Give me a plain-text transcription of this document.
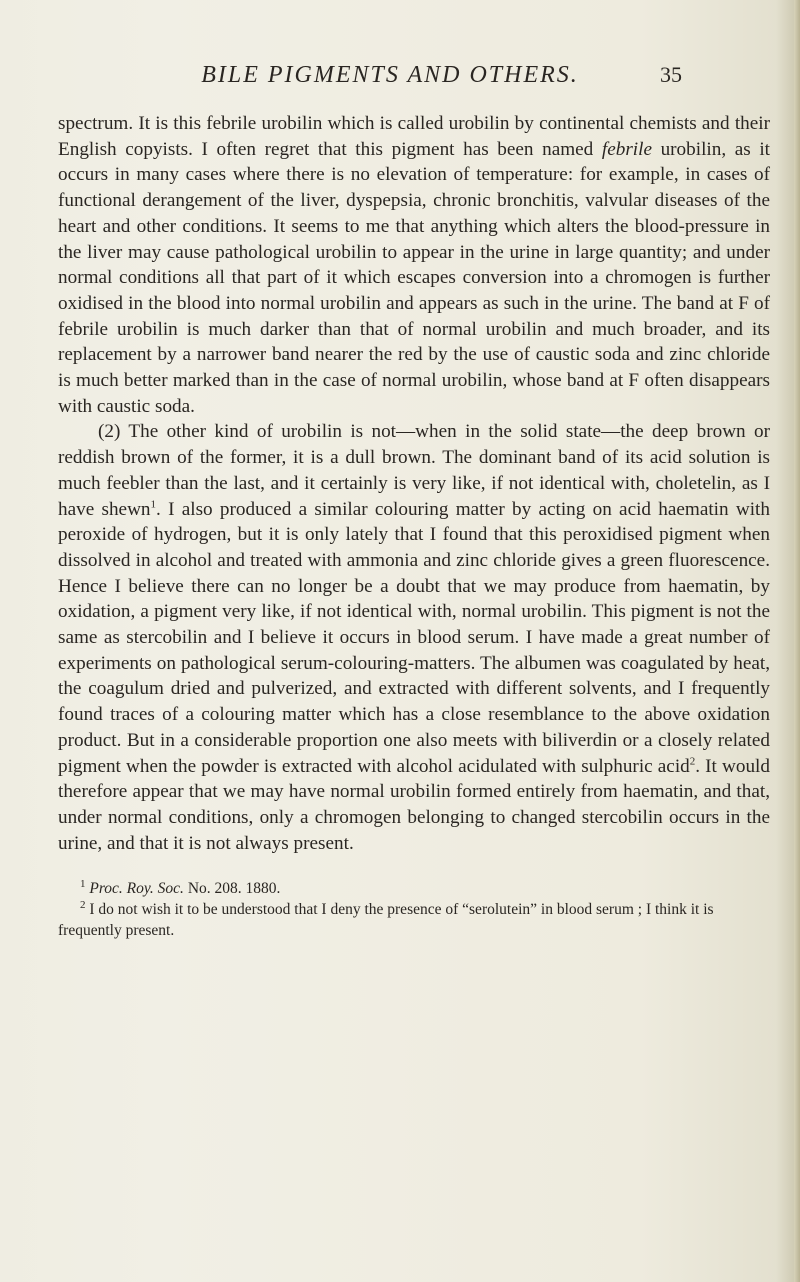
BILE PIGMENTS AND OTHERS.	35

spectrum. It is this febrile urobilin which is called urobilin by continental chemists and their English copyists. I often regret that this pigment has been named febrile urobilin, as it occurs in many cases where there is no elevation of temperature: for example, in cases of functional derangement of the liver, dyspepsia, chronic bronchitis, valvular diseases of the heart and other conditions. It seems to me that anything which alters the blood-pressure in the liver may cause pathological urobilin to appear in the urine in large quantity; and under normal conditions all that part of it which escapes conversion into a chromogen is further oxidised in the blood into normal urobilin and appears as such in the urine. The band at F of febrile urobilin is much darker than that of normal urobilin and much broader, and its replacement by a narrower band nearer the red by the use of caustic soda and zinc chloride is much better marked than in the case of normal urobilin, whose band at F often disappears with caustic soda.

(2) The other kind of urobilin is not—when in the solid state—the deep brown or reddish brown of the former, it is a dull brown. The dominant band of its acid solution is much feebler than the last, and it certainly is very like, if not identical with, choletelin, as I have shewn$^1$. I also produced a similar colouring matter by acting on acid haematin with peroxide of hydrogen, but it is only lately that I found that this peroxidised pigment when dissolved in alcohol and treated with ammonia and zinc chloride gives a green fluorescence. Hence I believe there can no longer be a doubt that we may produce from haematin, by oxidation, a pigment very like, if not identical with, normal urobilin. This pigment is not the same as stercobilin and I believe it occurs in blood serum. I have made a great number of experiments on pathological serum-colouring-matters. The albumen was coagulated by heat, the coagulum dried and pulverized, and extracted with different solvents, and I frequently found traces of a colouring matter which has a close resemblance to the above oxidation product. But in a considerable proportion one also meets with biliverdin or a closely related pigment when the powder is extracted with alcohol acidulated with sulphuric acid$^2$. It would therefore appear that we may have normal urobilin formed entirely from haematin, and that, under normal conditions, only a chromogen belonging to changed stercobilin occurs in the urine, and that it is not always present.

$^1$ Proc. Roy. Soc. No. 208. 1880.

$^2$ I do not wish it to be understood that I deny the presence of “serolutein” in blood serum ; I think it is frequently present.
